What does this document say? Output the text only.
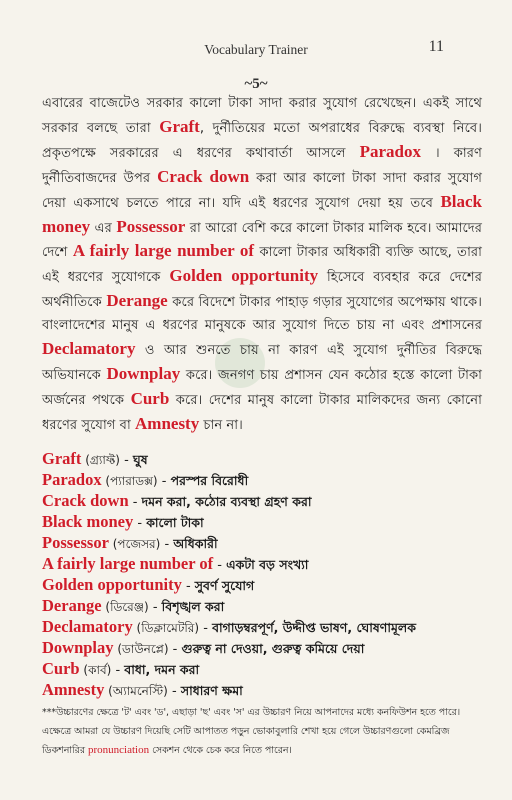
Vocabulary Trainer	11
~5~

এবারের বাজেটেও সরকার কালো টাকা সাদা করার সুযোগ রেখেছেন। একই সাথে সরকার বলছে তারা Graft, দুর্নীতিয়ের মতো অপরাধের বিরুদ্ধে ব্যবস্থা নিবে। প্রকৃতপক্ষে সরকারের এ ধরণের কথাবার্তা আসলে Paradox । কারণ দুর্নীতিবাজদের উপর Crack down করা আর কালো টাকা সাদা করার সুযোগ দেয়া একসাথে চলতে পারে না। যদি এই ধরণের সুযোগ দেয়া হয় তবে Black money এর Possessor রা আরো বেশি করে কালো টাকার মালিক হবে। আমাদের দেশে A fairly large number of কালো টাকার অধিকারী ব্যক্তি আছে, তারা এই ধরণের সুযোগকে Golden opportunity হিসেবে ব্যবহার করে দেশের অর্থনীতিকে Derange করে বিদেশে টাকার পাহাড় গড়ার সুযোগের অপেক্ষায় থাকে। বাংলাদেশের মানুষ এ ধরণের মানুষকে আর সুযোগ দিতে চায় না এবং প্রশাসনের Declamatory ও আর শুনতে চায় না কারণ এই সুযোগ দুর্নীতির বিরুদ্ধে অভিযানকে Downplay করে। জনগণ চায় প্রশাসন যেন কঠোর হস্তে কালো টাকা অর্জনের পথকে Curb করে। দেশের মানুষ কালো টাকার মালিকদের জন্য কোনো ধরণের সুযোগ বা Amnesty চান না।

Graft (গ্র্যাফ্ট) - ঘুষ
Paradox (প্যারাডক্স) - পরস্পর বিরোধী
Crack down - দমন করা, কঠোর ব্যবস্থা গ্রহণ করা
Black money - কালো টাকা
Possessor (পজেসর) - অধিকারী
A fairly large number of - একটা বড় সংখ্যা
Golden opportunity - সুবর্ণ সুযোগ
Derange (ডিরেঞ্জ) - বিশৃঙ্খল করা
Declamatory (ডিক্লামেটরি) - বাগাড়ম্বরপূর্ণ, উদ্দীপ্ত ভাষণ, ঘোষণামূলক
Downplay (ডাউনপ্লে) - গুরুত্ব না দেওয়া, গুরুত্ব কমিয়ে দেয়া
Curb (কার্ব) - বাধা, দমন করা
Amnesty (অ্যামনেস্টি) - সাধারণ ক্ষমা

***উচ্চারণের ক্ষেত্রে 'ট' এবং 'ড', এছাড়া 'ছ' এবং 'স' এর উচ্চারণ নিয়ে আপনাদের মধ্যে কনফিউশন হতে পারে। এক্ষেত্রে আমরা যে উচ্চারণ দিয়েছি সেটি আপাতত পড়ুন ভোকাবুলারি শেখা হয়ে গেলে উচ্চারণগুলো কেমব্রিজ ডিকশনারির pronunciation সেকশন থেকে চেক করে নিতে পারেন।
